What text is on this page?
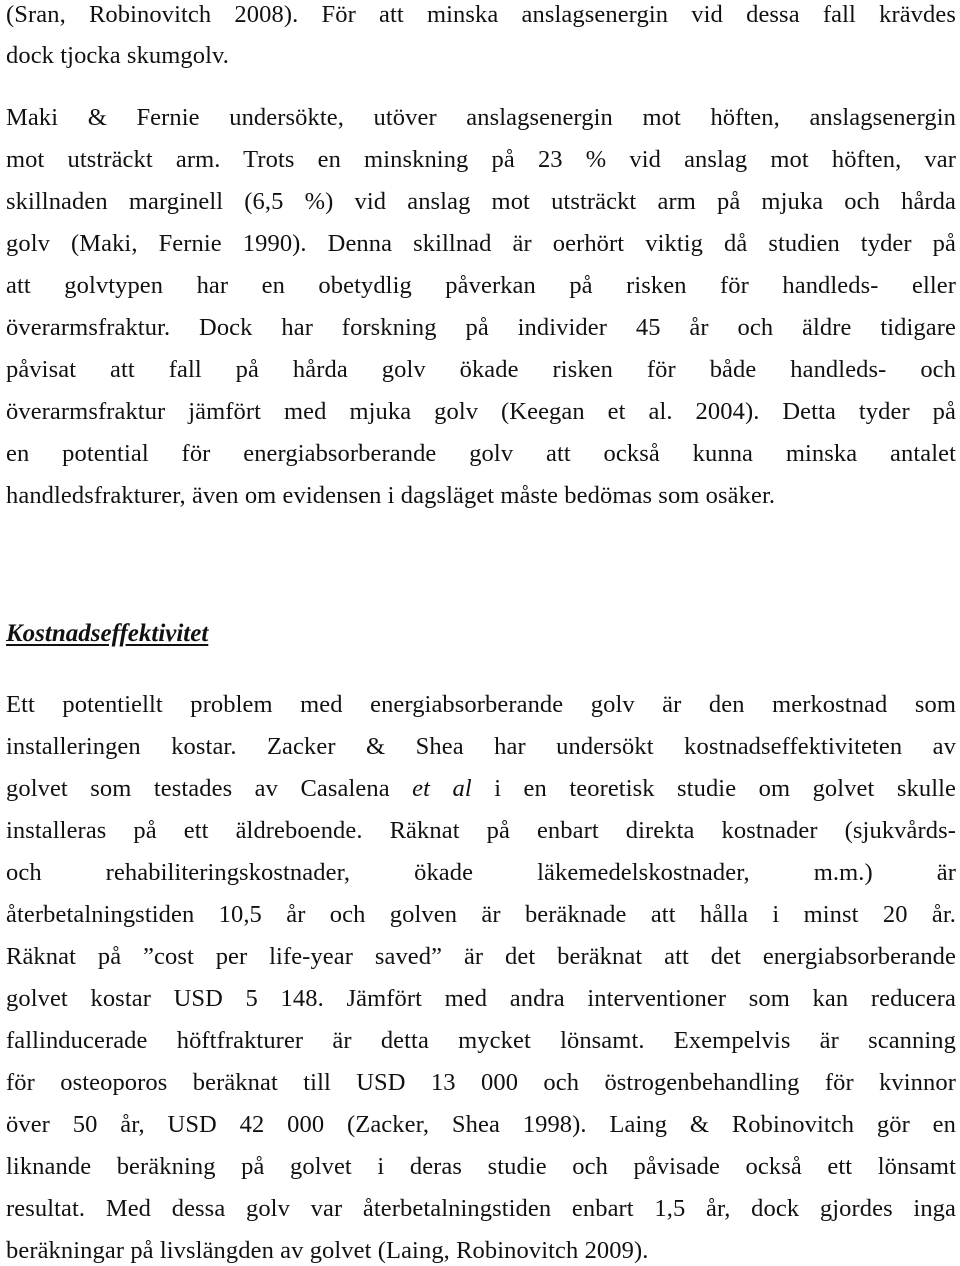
(Sran, Robinovitch 2008). För att minska anslagsenergin vid dessa fall krävdes
dock tjocka skumgolv.
Maki & Fernie undersökte, utöver anslagsenergin mot höften, anslagsenergin
mot utsträckt arm. Trots en minskning på 23 % vid anslag mot höften, var
skillnaden marginell (6,5 %) vid anslag mot utsträckt arm på mjuka och hårda
golv (Maki, Fernie 1990). Denna skillnad är oerhört viktig då studien tyder på
att golvtypen har en obetydlig påverkan på risken för handleds- eller
överarmsfraktur. Dock har forskning på individer 45 år och äldre tidigare
påvisat att fall på hårda golv ökade risken för både handleds- och
överarmsfraktur jämfört med mjuka golv (Keegan et al. 2004). Detta tyder på
en potential för energiabsorberande golv att också kunna minska antalet
handledsfrakturer, även om evidensen i dagsläget måste bedömas som osäker.
Kostnadseffektivitet
Ett potentiellt problem med energiabsorberande golv är den merkostnad som
installeringen kostar. Zacker & Shea har undersökt kostnadseffektiviteten av
golvet som testades av Casalena et al i en teoretisk studie om golvet skulle
installeras på ett äldreboende. Räknat på enbart direkta kostnader (sjukvårds-
och rehabiliteringskostnader, ökade läkemedelskostnader, m.m.) är
återbetalningstiden 10,5 år och golven är beräknade att hålla i minst 20 år.
Räknat på ”cost per life-year saved” är det beräknat att det energiabsorberande
golvet kostar USD 5 148. Jämfört med andra interventioner som kan reducera
fallinducerade höftfrakturer är detta mycket lönsamt. Exempelvis är scanning
för osteoporos beräknat till USD 13 000 och östrogenbehandling för kvinnor
över 50 år, USD 42 000 (Zacker, Shea 1998). Laing & Robinovitch gör en
liknande beräkning på golvet i deras studie och påvisade också ett lönsamt
resultat. Med dessa golv var återbetalningstiden enbart 1,5 år, dock gjordes inga
beräkningar på livslängden av golvet (Laing, Robinovitch 2009).
